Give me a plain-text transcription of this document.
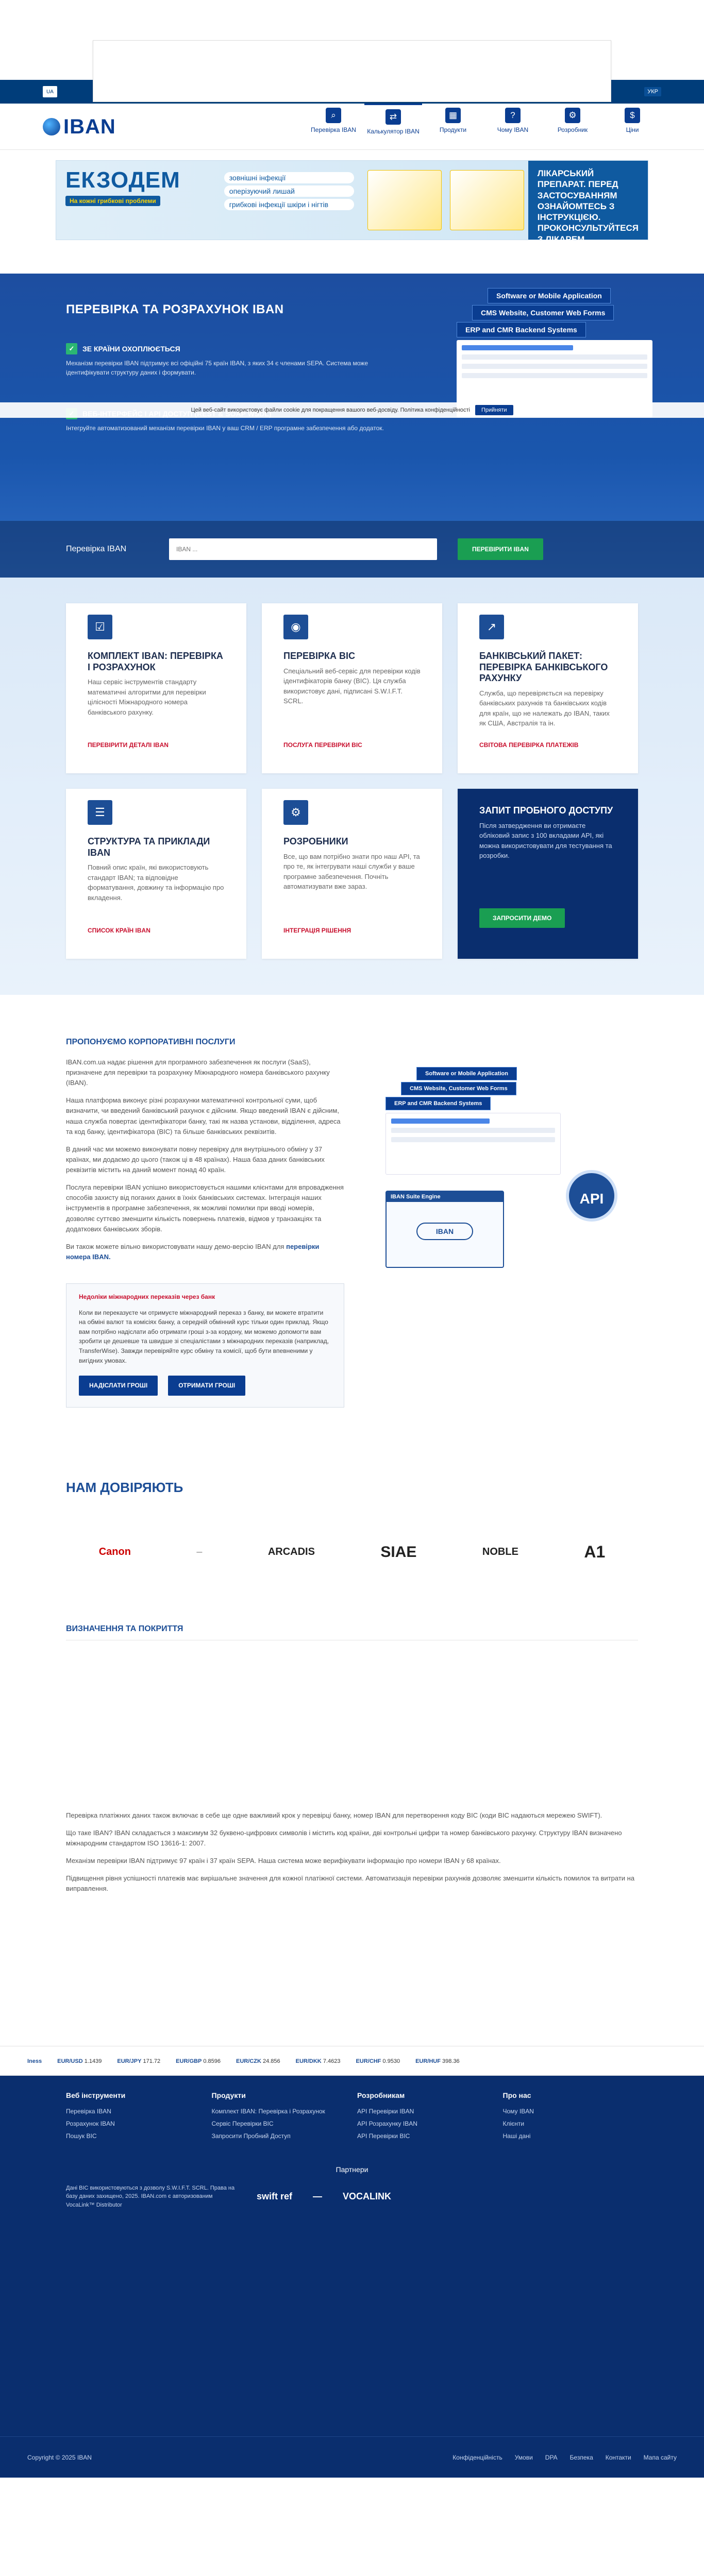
UA	УКР
IBAN	⌕
Перевірка IBAN
⇄
Калькулятор IBAN
▦
Продукти
?
Чому IBAN
⚙
Розробник
$
Ціни
ЕКЗОДЕМ
На кожні грибкові проблеми
зовнішні інфекції
оперізуючий лишай
грибкові інфекції шкіри і нігтів
ЛІКАРСЬКИЙ ПРЕПАРАТ. ПЕРЕД ЗАСТОСУВАННЯМ ОЗНАЙОМТЕСЬ З ІНСТРУКЦІЄЮ. ПРОКОНСУЛЬТУЙТЕСЯ З ЛІКАРЕМ.
Sandoz. Тільки для зовнішнього застосування.
ПЕРЕВІРКА ТА РОЗРАХУНОК IBAN
✓	ЗЕ КРАЇНИ ОХОПЛЮЄТЬСЯ

Механізм перевірки IBAN підтримує всі офіційні 75 країн IBAN, з яких 34 є членами SEPA. Система може ідентифікувати структуру даних і формувати.

Інтегруйте автоматизований механізм перевірки IBAN у ваш CRM / ERP програмне забезпечення або додаток.

Software or Mobile Application
CMS Website, Customer Web Forms
ERP and CMR Backend Systems
Цей веб-сайт використовує файли cookie для покращення вашого веб-досвіду. Політика конфіденційності	Прийняти
Перевірка IBAN
IBAN ...	ПЕРЕВІРИТИ IBAN
☑
КОМПЛЕКТ IBAN: ПЕРЕВІРКА І РОЗРАХУНОК

Наш сервіс інструментів стандарту математичні алгоритми для перевірки цілісності Міжнародного номера банківського рахунку.

ПЕРЕВІРИТИ ДЕТАЛІ IBAN
◉
ПЕРЕВІРКА BIC

Спеціальний веб-сервіс для перевірки кодів ідентифікаторів банку (BIC). Ця служба використовує дані, підписані S.W.I.F.T. SCRL.

ПОСЛУГА ПЕРЕВІРКИ BIC
↗
БАНКІВСЬКИЙ ПАКЕТ: ПЕРЕВІРКА БАНКІВСЬКОГО РАХУНКУ

Служба, що перевіряється на перевірку банківських рахунків та банківських кодів для країн, що не належать до IBAN, таких як США, Австралія та ін.

СВІТОВА ПЕРЕВІРКА ПЛАТЕЖІВ
☰
СТРУКТУРА ТА ПРИКЛАДИ IBAN

Повний опис країн, які використовують стандарт IBAN; та відповідне форматування, довжину та інформацію про вкладення.

СПИСОК КРАЇН IBAN
⚙
РОЗРОБНИКИ

Все, що вам потрібно знати про наш API, та про те, як інтегрувати наші служби у ваше програмне забезпечення. Почніть автоматизувати вже зараз.

ІНТЕГРАЦІЯ РІШЕННЯ
ЗАПИТ ПРОБНОГО ДОСТУПУ

Після затвердження ви отримаєте обліковий запис з 100 вкладами API, які можна використовувати для тестування та розробки.

ЗАПРОСИТИ ДЕМО
ПРОПОНУЄМО КОРПОРАТИВНІ ПОСЛУГИ

IBAN.com.ua надає рішення для програмного забезпечення як послуги (SaaS), призначене для перевірки та розрахунку Міжнародного номера банківського рахунку (IBAN).

Наша платформа виконує різні розрахунки математичної контрольної суми, щоб визначити, чи введений банківський рахунок є дійсним. Якщо введений IBAN є дійсним, наша служба повертає ідентифікатори банку, такі як назва установи, відділення, адреса та код банку, ідентифікатора (BIC) та більше банківських реквізитів.

В даний час ми можемо виконувати повну перевірку для внутрішнього обміну у 37 країнах, ми додаємо до цього (також ці в 48 країнах). Наша база даних банківських реквізитів містить на даний момент понад 40 країн.

Послуга перевірки IBAN успішно використовується нашими клієнтами для впровадження способів захисту від поганих даних в їхніх банківських системах. Інтеграція наших інструментів в програмне забезпечення, як можливі помилки при вводі номерів, дозволяє суттєво зменшити кількість повернень платежів, відмов у транзакціях та додаткових банківських зборів.

Ви також можете вільно використовувати нашу демо-версію IBAN для перевірки номера IBAN.

Software or Mobile Application
CMS Website, Customer Web Forms
ERP and CMR Backend Systems
IBAN Suite Engine
IBAN
API
Недоліки міжнародних переказів через банк
Коли ви переказуєте чи отримуєте міжнародний переказ з банку, ви можете втратити на обміні валют та комісіях банку, а середній обмінний курс тільки один приклад. Якщо вам потрібно надіслати або отримати гроші з-за кордону, ми можемо допомогти вам зробити це дешевше та швидше зі спеціалістами з міжнародних переказів (наприклад, TransferWise). Завжди перевіряйте курс обміну та комісії, щоб бути впевненими у вигідних умовах.
НАДІСЛАТИ ГРОШІ	ОТРИМАТИ ГРОШІ
НАМ ДОВІРЯЮТЬ
Canon	—	ARCADIS	SIAE	NOBLE	A1
ВИЗНАЧЕННЯ ТА ПОКРИТТЯ

Перевірка платіжних даних також включає в себе ще одне важливий крок у перевірці банку, номер IBAN для перетворення коду BIC (коди BIC надаються мережею SWIFT).

Що таке IBAN? IBAN складається з максимум 32 буквено-цифрових символів і містить код країни, дві контрольні цифри та номер банківського рахунку. Структуру IBAN визначено міжнародним стандартом ISO 13616-1: 2007.

Механізм перевірки IBAN підтримує 97 країн і 37 країн SEPA. Наша система може верифікувати інформацію про номери IBAN у 68 країнах.

Підвищення рівня успішності платежів має вирішальне значення для кожної платіжної системи. Автоматизація перевірки рахунків дозволяє зменшити кількість помилок та витрати на виправлення.

Iness	EUR/USD 1.1439	EUR/JPY 171.72	EUR/GBP 0.8596	EUR/CZK 24.856	EUR/DKK 7.4623	EUR/CHF 0.9530	EUR/HUF 398.36
Веб інструменти
Перевірка IBAN
Розрахунок IBAN
Пошук BIC
Продукти
Комплект IBAN: Перевірка і Розрахунок
Сервіс Перевірки BIC
Запросити Пробний Доступ
Розробникам
API Перевірки IBAN
API Розрахунку IBAN
API Перевірки BIC
Про нас
Чому IBAN
Клієнти
Наші дані
Партнери
Дані BIC використовуються з дозволу S.W.I.F.T. SCRL. Права на базу даних захищено, 2025. IBAN.com є авторизованим VocaLink™ Distributor
swift ref — VOCALINK
Copyright © 2025 IBAN	Конфіденційність Умови DPA Безпека Контакти Мапа сайту
